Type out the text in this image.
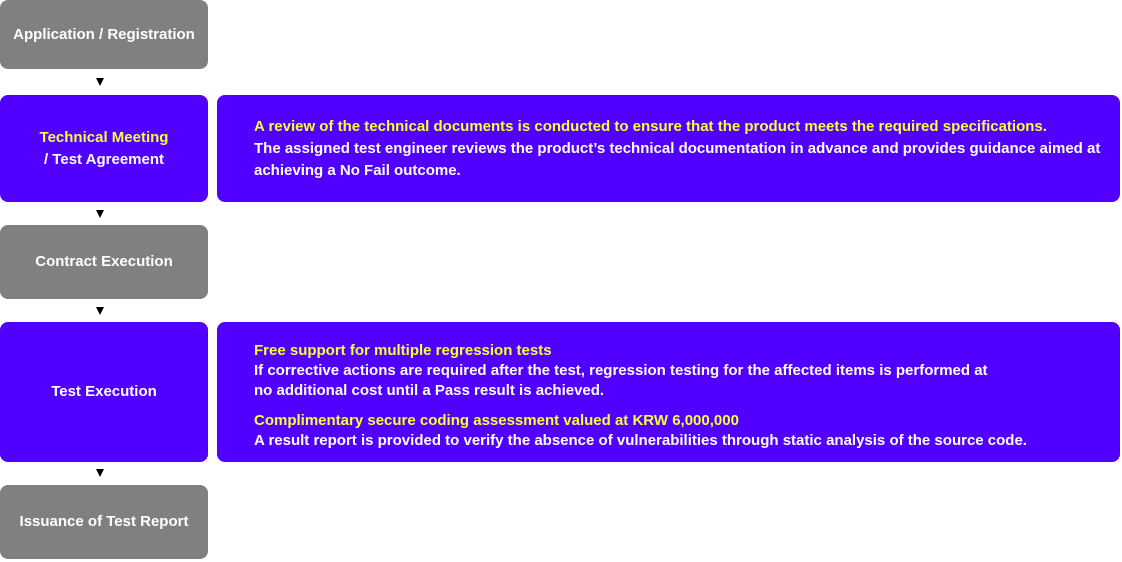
Application / Registration
Technical Meeting
/ Test Agreement

A review of the technical documents is conducted to ensure that the product meets the required specifications.

The assigned test engineer reviews the product’s technical documentation in advance and provides guidance aimed at achieving a No Fail outcome.

Contract Execution
Test Execution

Free support for multiple regression tests

If corrective actions are required after the test, regression testing for the affected items is performed at

no additional cost until a Pass result is achieved.

Complimentary secure coding assessment valued at KRW 6,000,000

A result report is provided to verify the absence of vulnerabilities through static analysis of the source code.

Issuance of Test Report
